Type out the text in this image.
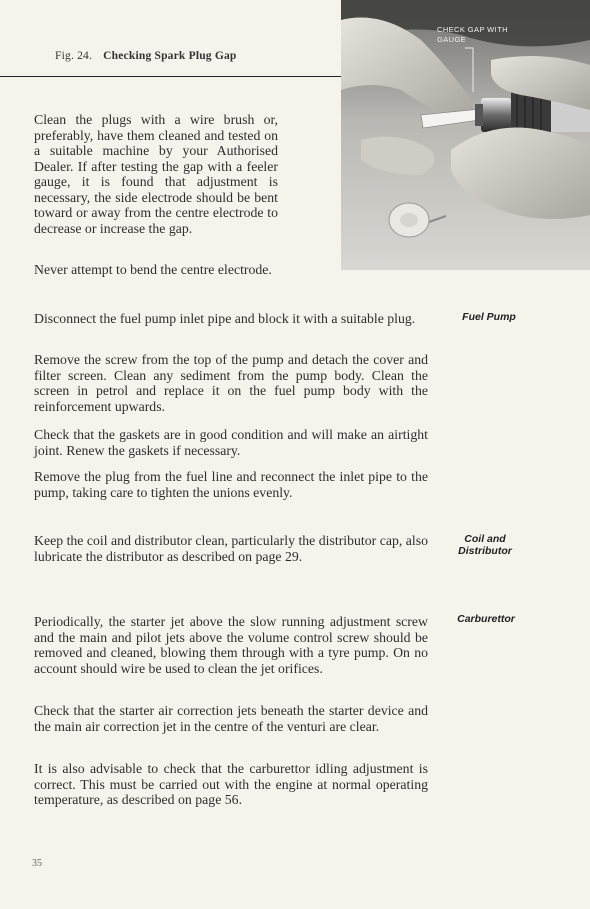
Fig. 24. Checking Spark Plug Gap
CHECK GAP WITH
GAUGE

Clean the plugs with a wire brush or, preferably, have them cleaned and tested on a suitable machine by your Authorised Dealer. If after testing the gap with a feeler gauge, it is found that adjustment is necessary, the side electrode should be bent toward or away from the centre electrode to decrease or increase the gap.

Never attempt to bend the centre electrode.

Fuel Pump

Disconnect the fuel pump inlet pipe and block it with a suitable plug.

Remove the screw from the top of the pump and detach the cover and filter screen. Clean any sediment from the pump body. Clean the screen in petrol and replace it on the fuel pump body with the reinforcement upwards.

Check that the gaskets are in good condition and will make an airtight joint. Renew the gaskets if necessary.

Remove the plug from the fuel line and reconnect the inlet pipe to the pump, taking care to tighten the unions evenly.

Coil and
Distributor

Keep the coil and distributor clean, particularly the distributor cap, also lubricate the distributor as described on page 29.

Carburettor

Periodically, the starter jet above the slow running adjustment screw and the main and pilot jets above the volume control screw should be removed and cleaned, blowing them through with a tyre pump. On no account should wire be used to clean the jet orifices.

Check that the starter air correction jets beneath the starter device and the main air correction jet in the centre of the venturi are clear.

It is also advisable to check that the carburettor idling adjustment is correct. This must be carried out with the engine at normal operating temperature, as described on page 56.

35
